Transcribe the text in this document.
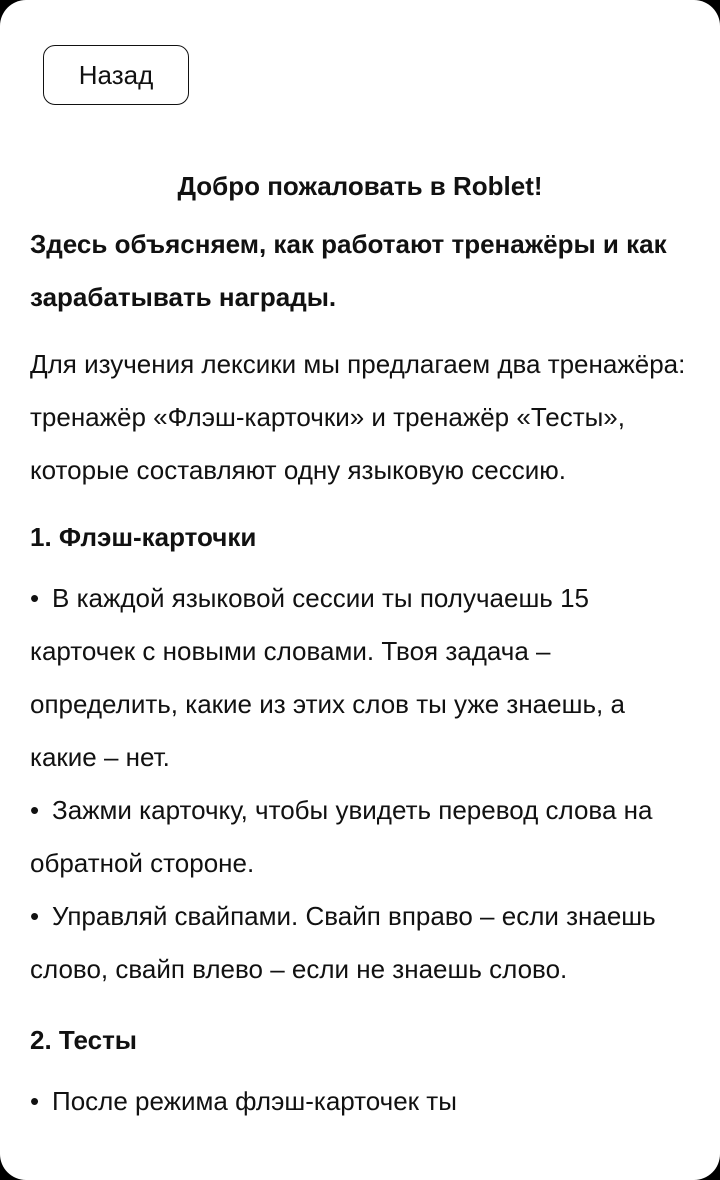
Назад
Добро пожаловать в Roblet!

Здесь объясняем, как работают тренажёры и как зарабатывать награды.

Для изучения лексики мы предлагаем два тренажёра: тренажёр «Флэш-карточки» и тренажёр «Тесты», которые составляют одну языковую сессию.

1. Флэш-карточки

• В каждой языковой сессии ты получаешь 15 карточек с новыми словами. Твоя задача – определить, какие из этих слов ты уже знаешь, а какие – нет.

• Зажми карточку, чтобы увидеть перевод слова на обратной стороне.

• Управляй свайпами. Свайп вправо – если знаешь слово, свайп влево – если не знаешь слово.

2. Тесты

• После режима флэш-карточек ты
